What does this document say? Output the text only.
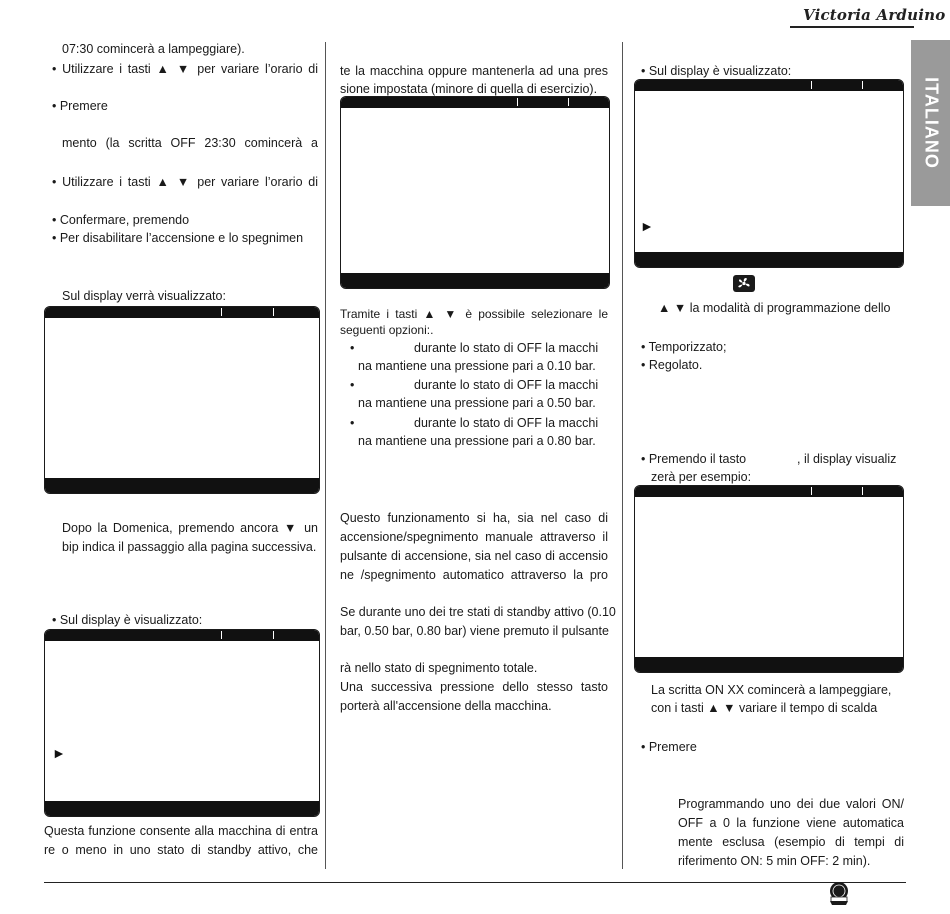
Victoria Arduino
ITALIANO
07:30 comincerà a lampeggiare).
• Utilizzare i tasti ▲ ▼ per variare l’orario di
• Premere
mento (la scritta OFF 23:30 comincerà a
• Utilizzare i tasti ▲ ▼ per variare l’orario di
• Confermare, premendo
• Per disabilitare l’accensione e lo spegnimen
Sul display verrà visualizzato:
Dopo la Domenica, premendo ancora ▼ un
bip indica il passaggio alla pagina successiva.
• Sul display è visualizzato:
►
Questa funzione consente alla macchina di entra
re o meno in uno stato di standby attivo, che
te la macchina oppure mantenerla ad una pres
sione impostata (minore di quella di esercizio).
Tramite i tasti ▲ ▼ è possibile selezionare le
seguenti opzioni:.
•	durante lo stato di OFF la macchi
na mantiene una pressione pari a 0.10 bar.
•	durante lo stato di OFF la macchi
na mantiene una pressione pari a 0.50 bar.
•	durante lo stato di OFF la macchi
na mantiene una pressione pari a 0.80 bar.
Questo funzionamento si ha, sia nel caso di
accensione/spegnimento manuale attraverso il
pulsante di accensione, sia nel caso di accensio
ne /spegnimento automatico attraverso la pro
Se durante uno dei tre stati di standby attivo (0.10
bar, 0.50 bar, 0.80 bar) viene premuto il pulsante
rà nello stato di spegnimento totale.
Una successiva pressione dello stesso tasto
porterà all'accensione della macchina.
• Sul display è visualizzato:
►
▲ ▼ la modalità di programmazione dello
• Temporizzato;
• Regolato.
• Premendo il tasto	, il display visualiz
zerà per esempio:
La scritta ON XX comincerà a lampeggiare,
con i tasti ▲ ▼ variare il tempo di scalda
• Premere
Programmando uno dei due valori ON/
OFF a 0 la funzione viene automatica
mente esclusa (esempio di tempi di
riferimento ON: 5 min OFF: 2 min).
